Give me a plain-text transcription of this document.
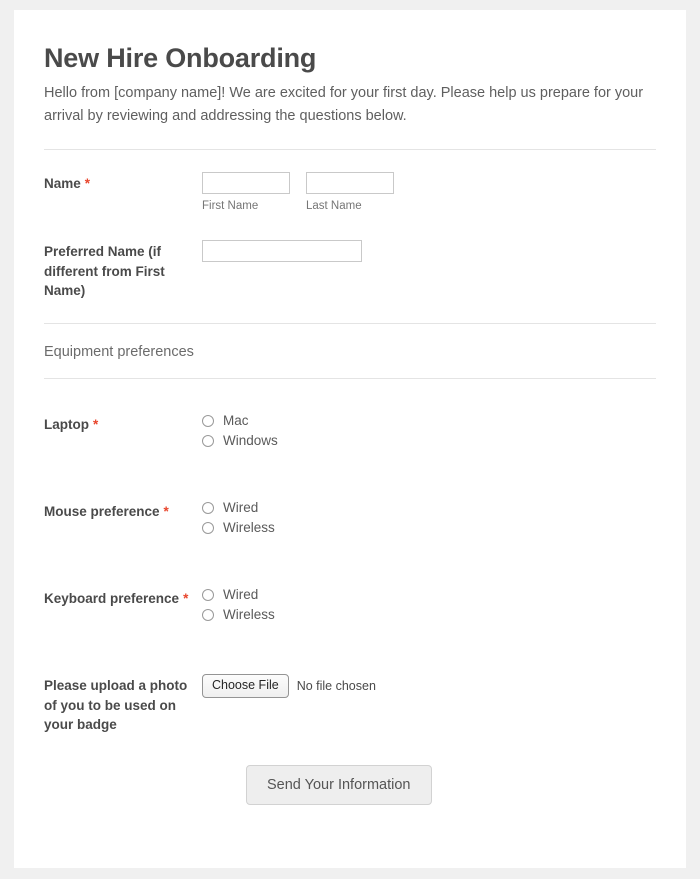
New Hire Onboarding

Hello from [company name]! We are excited for your first day. Please help us prepare for your arrival by reviewing and addressing the questions below.

Name *
First Name	Last Name
Preferred Name (if different from First Name)
Equipment preferences
Laptop *	Mac
Windows
Mouse preference *	Wired
Wireless
Keyboard preference *	Wired
Wireless
Please upload a photo of you to be used on your badge
Choose File	No file chosen
Send Your Information
